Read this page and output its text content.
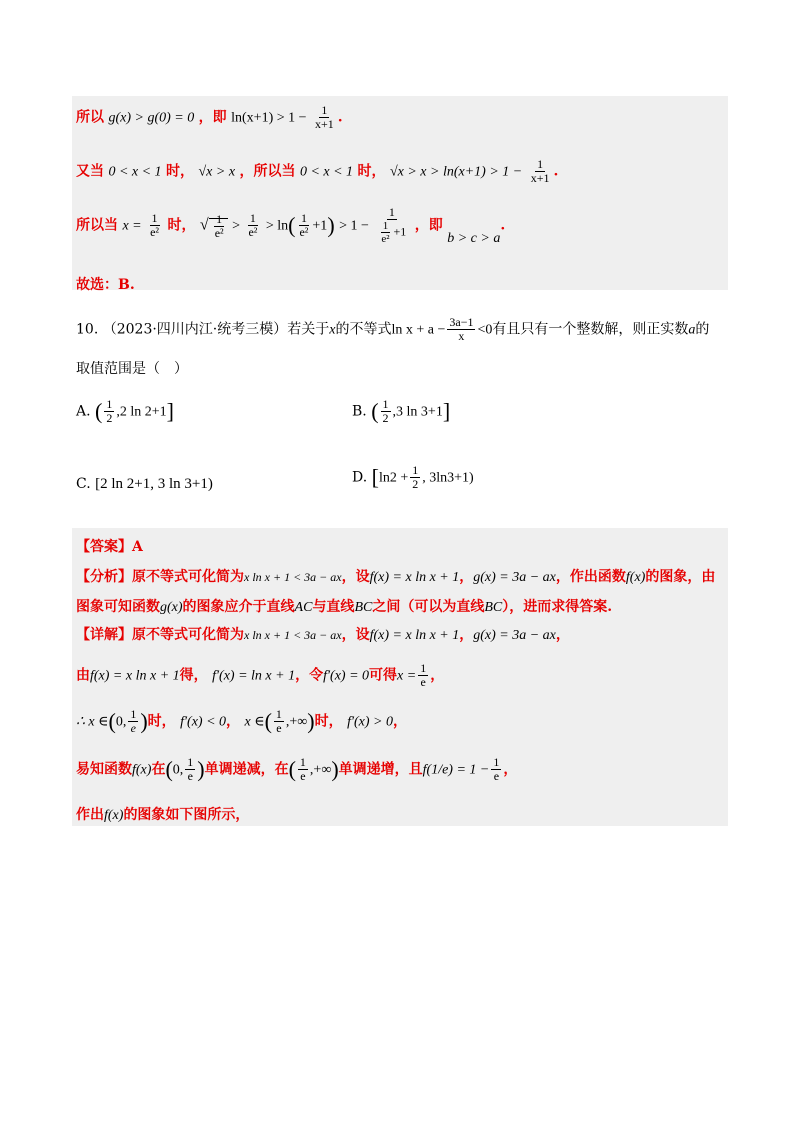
所以 g(x) > g(0) = 0 ，即 $\ln(x+1) > 1 - \frac{1}{x+1}$ .
又当 0 < x < 1 时， √x > x ，所以当 0 < x < 1 时， $√x > x > \ln(x+1) > 1 - \frac{1}{x+1}$ .
所以当 $x = \frac{1}{\text{e²}}$ 时， √ $\frac{1}{\text{e²}} > \frac{1}{\text{e²}} > \ln( \frac{1}{\text{e²}} +1) > 1 - \frac{1}{\frac{1}{\text{e²}} +1}$ ，即 b > c > a.
故选：B.
10. （2023·四川内江·统考三模）若关于x的不等式$\ln x + a - \frac{3a-1}{x} <0$有且只有一个整数解，则正实数a的
取值范围是（　）
A. ( $\frac{1}{2} ,2$ ln 2+1]	B. ( $\frac{1}{2} ,3$ ln 3+1]
C. [2 ln 2+1, 3 ln 3+1)	D. [$\ln 2 + \frac{1}{2}$ , 3ln3+1)
【答案】A
【分析】原不等式可化简为x ln x + 1 < 3a − ax，设f(x) = x ln x + 1，g(x) = 3a − ax，作出函数f(x)的图象，由
图象可知函数g(x)的图象应介于直线AC与直线BC之间（可以为直线BC），进而求得答案.
【详解】原不等式可化简为x ln x + 1 < 3a − ax，设f(x) = x ln x + 1，g(x) = 3a − ax，
由f(x) = x ln x + 1得， f′(x) = ln x + 1，令f′(x) = 0可得$x = \frac{1}{e}$ ，
∴ x ∈(0, $\frac{1}{e}$ )时， f′(x) < 0， x ∈( $\frac{1}{e}$ ,+∞)时， f′(x) > 0，
易知函数f(x)在(0, $\frac{1}{e}$ )单调递减，在( $\frac{1}{e}$ ,+∞)单调递增，且$f(1/e) = 1 - \frac{1}{e}$ ，
作出f(x)的图象如下图所示，
